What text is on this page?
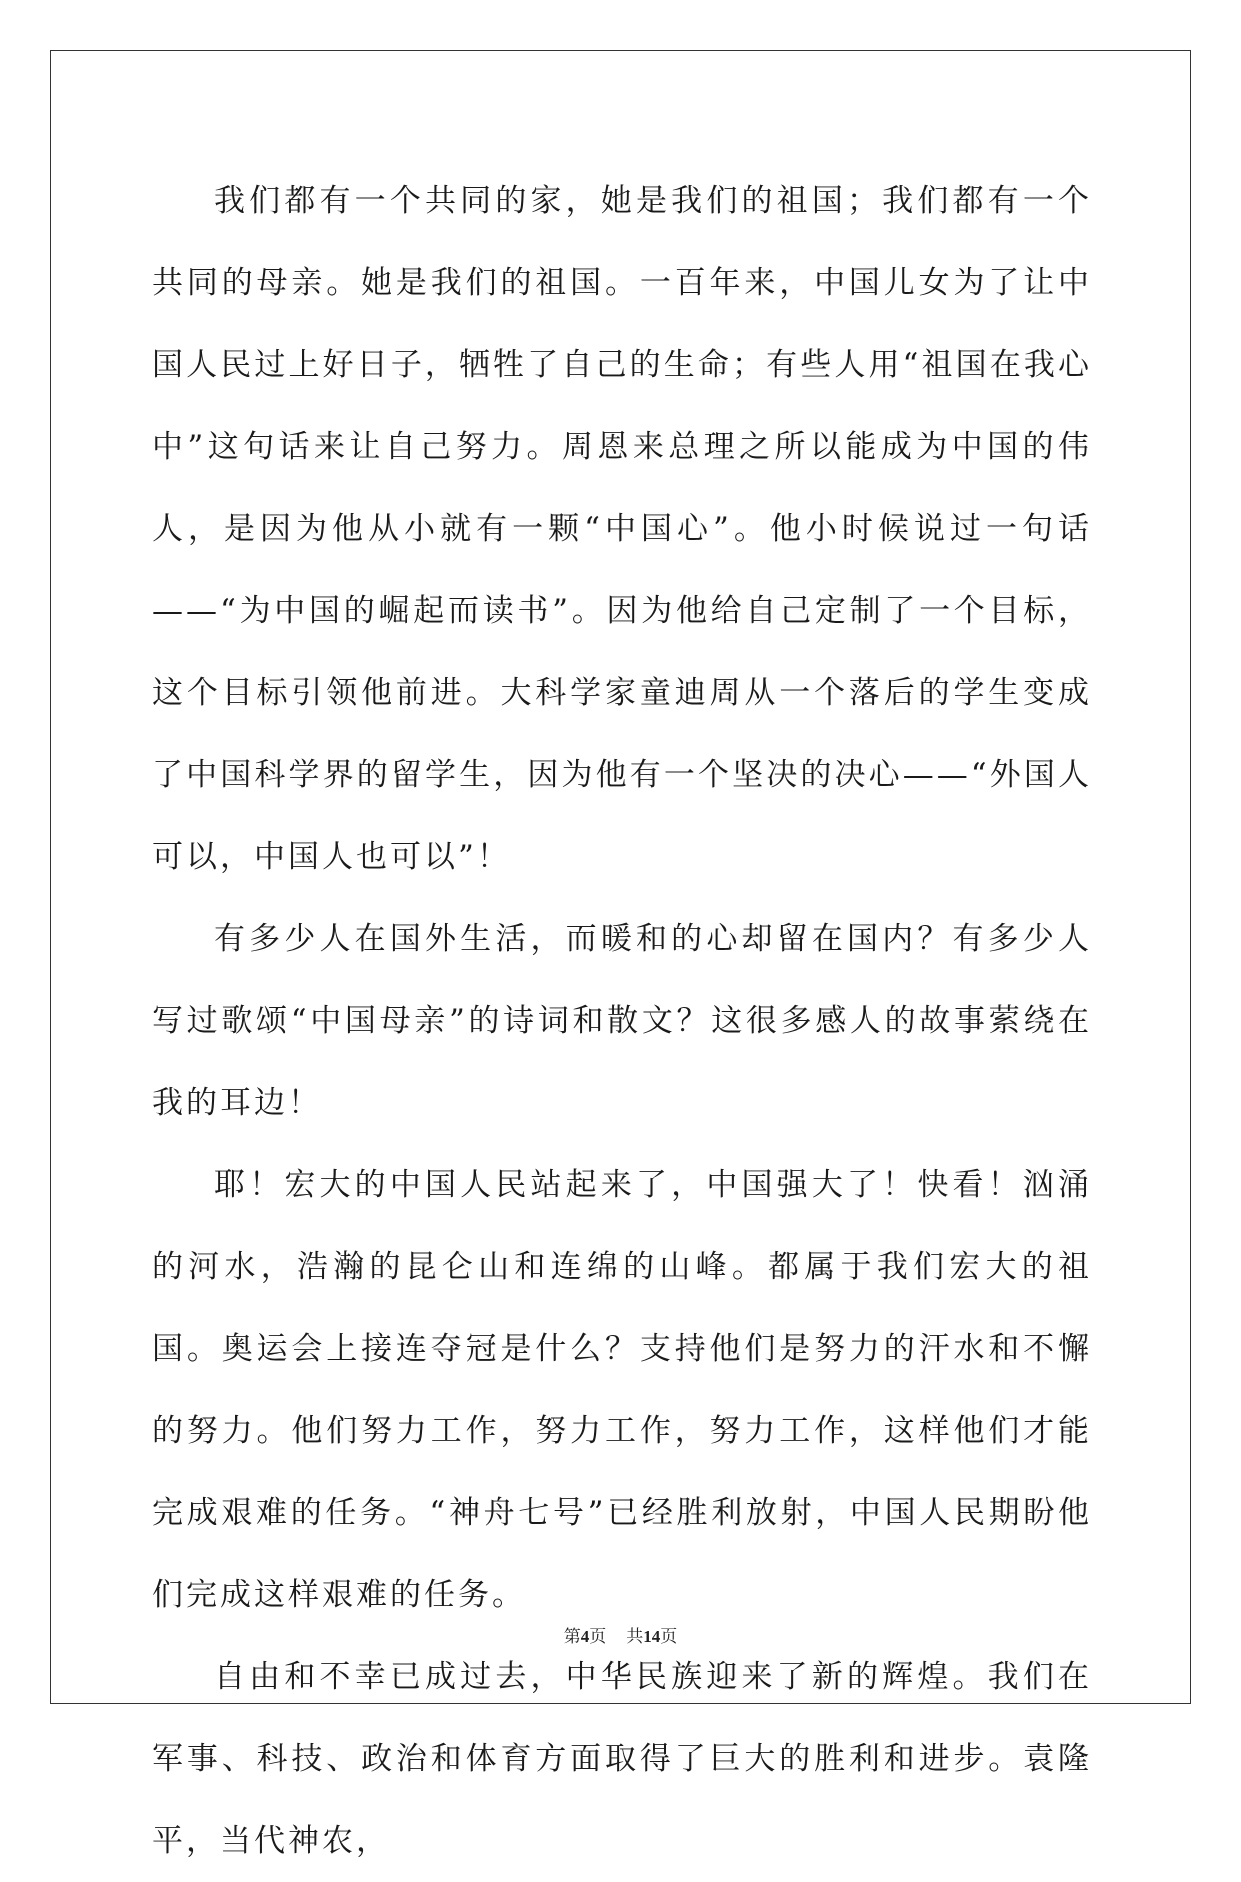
我们都有一个共同的家，她是我们的祖国；我们都有一个共同的母亲。她是我们的祖国。一百年来，中国儿女为了让中国人民过上好日子，牺牲了自己的生命；有些人用“祖国在我心中”这句话来让自己努力。周恩来总理之所以能成为中国的伟人，是因为他从小就有一颗“中国心”。他小时候说过一句话——“为中国的崛起而读书”。因为他给自己定制了一个目标，这个目标引领他前进。大科学家童迪周从一个落后的学生变成了中国科学界的留学生，因为他有一个坚决的决心——“外国人可以，中国人也可以”！

有多少人在国外生活，而暖和的心却留在国内？有多少人写过歌颂“中国母亲”的诗词和散文？这很多感人的故事萦绕在我的耳边！

耶！宏大的中国人民站起来了，中国强大了！快看！汹涌的河水，浩瀚的昆仑山和连绵的山峰。都属于我们宏大的祖国。奥运会上接连夺冠是什么？支持他们是努力的汗水和不懈的努力。他们努力工作，努力工作，努力工作，这样他们才能完成艰难的任务。“神舟七号”已经胜利放射，中国人民期盼他们完成这样艰难的任务。

自由和不幸已成过去，中华民族迎来了新的辉煌。我们在军事、科技、政治和体育方面取得了巨大的胜利和进步。袁隆平，当代神农，

第4页 共14页
